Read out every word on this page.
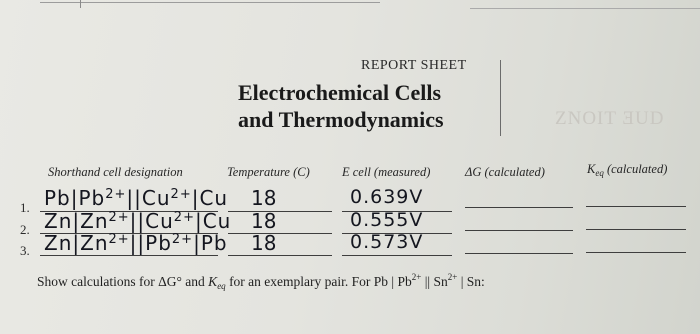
ZNOIT ƎUD
REPORT SHEET
Electrochemical Cells
and Thermodynamics
Shorthand cell designation	Temperature (C)	E cell (measured)	ΔG (calculated)	$K_{eq}$ (calculated)
1. $Pb|Pb^{2+}||Cu^{2+}|Cu$ 18	0.639V
2. $Zn|Zn^{2+}||Cu^{2+}|Cu$ 18	0.555V
3. $Zn|Zn^{2+}||Pb^{2+}|Pb$ 18	0.573V
Show calculations for ΔG° and $K_{eq}$ for an exemplary pair. For Pb | $Pb^{2+}$ || $Sn^{2+}$ | Sn:
